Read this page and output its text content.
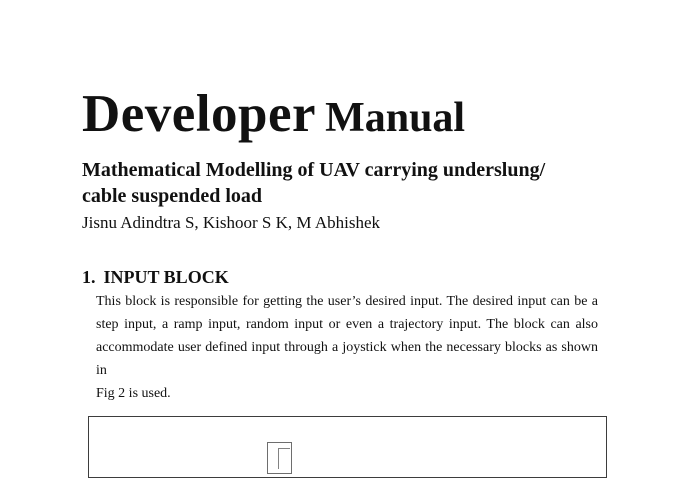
Developer Manual
Mathematical Modelling of UAV carrying underslung/
cable suspended load
Jisnu Adindtra S, Kishoor S K, M Abhishek
1. INPUT BLOCK
This block is responsible for getting the user’s desired input. The desired input can be a
step input, a ramp input, random input or even a trajectory input. The block can also
accommodate user defined input through a joystick when the necessary blocks as shown in
Fig 2 is used.
